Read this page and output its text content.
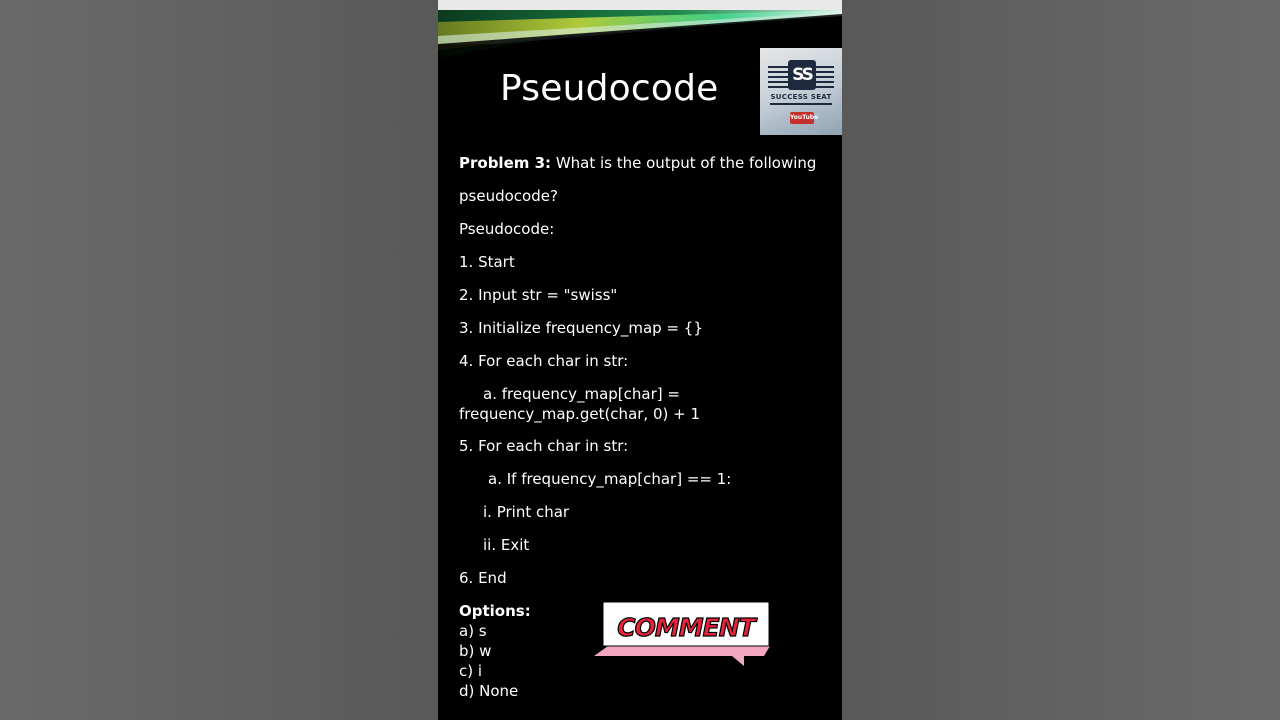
Pseudocode	SS
SUCCESS SEAT
YouTube
Problem 3: What is the output of the following
pseudocode?
Pseudocode:
1. Start
2. Input str = "swiss"
3. Initialize frequency_map = {}
4. For each char in str:
a. frequency_map[char] =
frequency_map.get(char, 0) + 1
5. For each char in str:
a. If frequency_map[char] == 1:
i. Print char
ii. Exit
6. End
Options:
a) s
b) w
c) i
d) None
COMMENT
